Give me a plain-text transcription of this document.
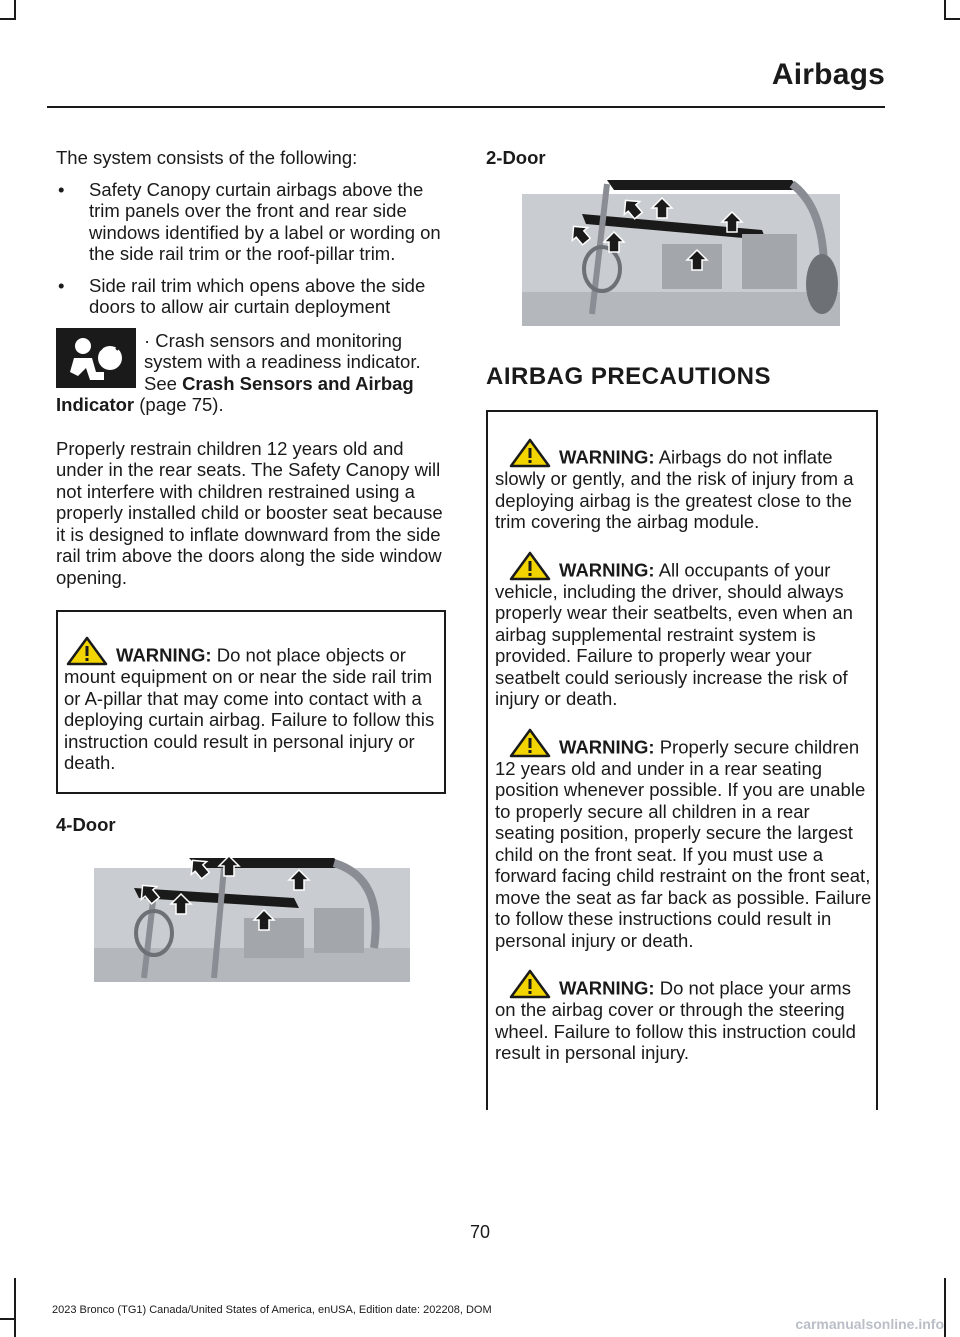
Airbags

The system consists of the following:

• Safety Canopy curtain airbags above the trim panels over the front and rear side windows identified by a label or wording on the side rail trim or the roof-pillar trim.
• Side rail trim which opens above the side doors to allow air curtain deployment
· Crash sensors and monitoring system with a readiness indicator. See Crash Sensors and Airbag Indicator (page 75).

Properly restrain children 12 years old and under in the rear seats. The Safety Canopy will not interfere with children restrained using a properly installed child or booster seat because it is designed to inflate downward from the side rail trim above the doors along the side window opening.

WARNING: Do not place objects or mount equipment on or near the side rail trim or A-pillar that may come into contact with a deploying curtain airbag. Failure to follow this instruction could result in personal injury or death.

4-Door

2-Door

AIRBAG PRECAUTIONS
WARNING: Airbags do not inflate slowly or gently, and the risk of injury from a deploying airbag is the greatest close to the trim covering the airbag module.
WARNING: All occupants of your vehicle, including the driver, should always properly wear their seatbelts, even when an airbag supplemental restraint system is provided. Failure to properly wear your seatbelt could seriously increase the risk of injury or death.
WARNING: Properly secure children 12 years old and under in a rear seating position whenever possible. If you are unable to properly secure all children in a rear seating position, properly secure the largest child on the front seat. If you must use a forward facing child restraint on the front seat, move the seat as far back as possible. Failure to follow these instructions could result in personal injury or death.
WARNING: Do not place your arms on the airbag cover or through the steering wheel. Failure to follow this instruction could result in personal injury.
70
2023 Bronco (TG1) Canada/United States of America, enUSA, Edition date: 202208, DOM
carmanualsonline.info
